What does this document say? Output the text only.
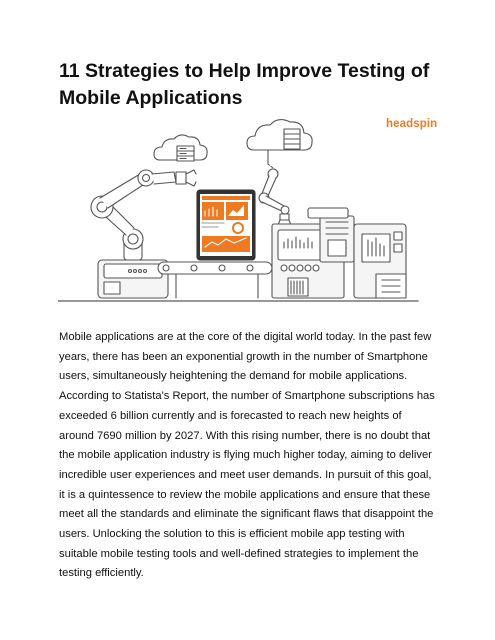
11 Strategies to Help Improve Testing of Mobile Applications
headspin

Mobile applications are at the core of the digital world today. In the past few years, there has been an exponential growth in the number of Smartphone users, simultaneously heightening the demand for mobile applications. According to Statista's Report, the number of Smartphone subscriptions has exceeded 6 billion currently and is forecasted to reach new heights of around 7690 million by 2027. With this rising number, there is no doubt that the mobile application industry is flying much higher today, aiming to deliver incredible user experiences and meet user demands. In pursuit of this goal, it is a quintessence to review the mobile applications and ensure that these meet all the standards and eliminate the significant flaws that disappoint the users. Unlocking the solution to this is efficient mobile app testing with suitable mobile testing tools and well-defined strategies to implement the testing efficiently.
